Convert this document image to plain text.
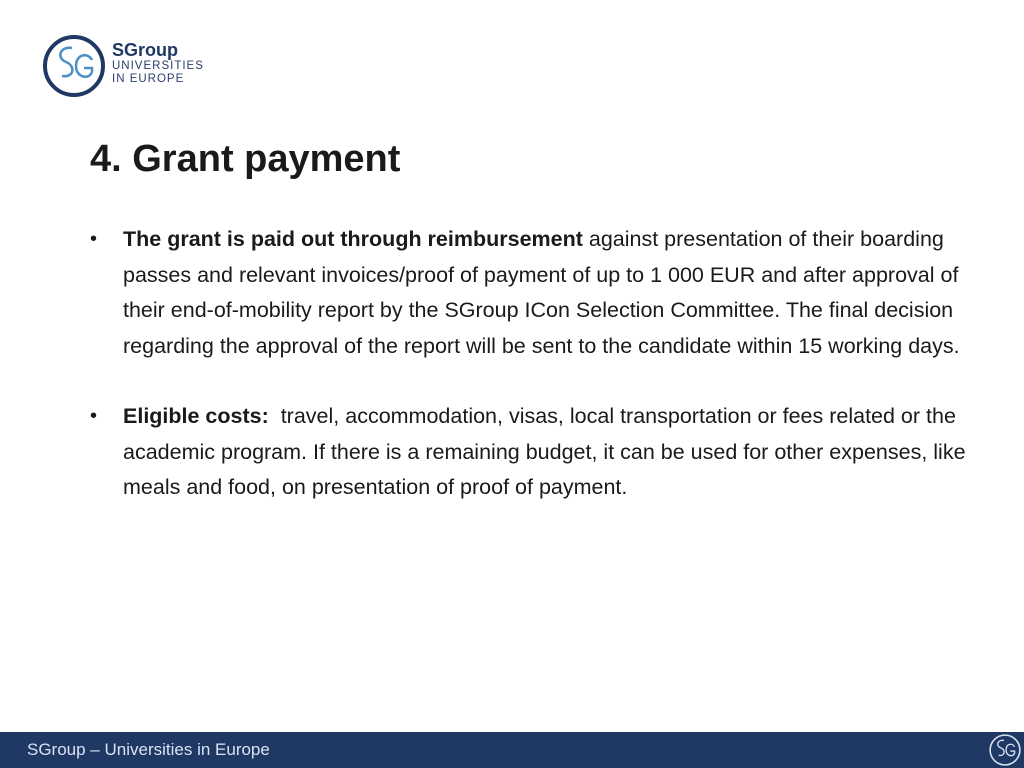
SGroup
UNIVERSITIES
IN EUROPE
4. Grant payment
• The grant is paid out through reimbursement against presentation of their boarding passes and relevant invoices/proof of payment of up to 1 000 EUR and after approval of their end-of-mobility report by the SGroup ICon Selection Committee. The final decision regarding the approval of the report will be sent to the candidate within 15 working days.
• Eligible costs:  travel, accommodation, visas, local transportation or fees related or the academic program. If there is a remaining budget, it can be used for other expenses, like meals and food, on presentation of proof of payment.
SGroup – Universities in Europe
